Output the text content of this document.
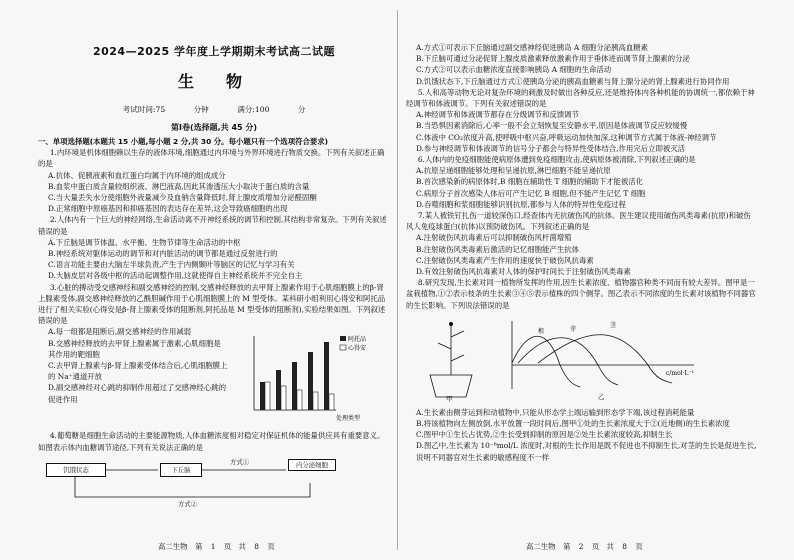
2024—2025 学年度上学期期末考试高二试题
生　物
考试时间:75 分钟	满分:100 分
第Ⅰ卷(选择题,共 45 分)

一、单项选择题(本题共 15 小题,每小题 2 分,共 30 分。每小题只有一个选项符合要求)

1.内环境是机体细胞赖以生存的液体环境,细胞通过内环境与外界环境进行物质交换。下列有关叙述正确的是

A.抗体、促胰液素和血红蛋白均属于内环境的组成成分

B.血浆中蛋白质含量较组织液、淋巴液高,因此其渗透压大小取决于蛋白质的含量

C.当大量丢失水分使细胞外液量减少及血钠含量降低时,肾上腺皮质增加分泌醛固酮

D.正常细胞中原癌基因和抑癌基因的表达存在差异,这会导致癌细胞的出现

2.人体内有一个巨大的神经网络,生命活动离不开神经系统的调节和控制,其结构非常复杂。下列有关叙述错误的是

A.下丘脑是调节体温、水平衡、生物节律等生命活动的中枢

B.神经系统对躯体运动的调节和对内脏活动的调节都是通过反射进行的

C.语言功能主要由大脑左半球负责,产生于内侧颞叶等脑区的记忆与学习有关

D.大脑皮层对各级中枢的活动起调整作用,这就使得自主神经系统并不完全自主

3.心脏的搏动受交感神经和副交感神经的控制,交感神经释放的去甲肾上腺素作用于心肌细胞膜上的β-肾上腺素受体,副交感神经释放的乙酰胆碱作用于心肌细胞膜上的 M 型受体。某科研小组利用心得安和阿托品进行了相关实验(心得安是β-肾上腺素受体的阻断剂,阿托品是 M 型受体的阻断剂),实验结果如图。下列叙述错误的是

A.每一组都是阻断后,副交感神经的作用减弱

B.交感神经释放的去甲肾上腺素属于激素,心肌细胞是其作用的靶细胞

C.去甲肾上腺素与β-肾上腺素受体结合后,心肌细胞膜上的 Na⁺通道开放

D.副交感神经对心跳的抑制作用超过了交感神经心跳的促进作用

阿托品
心得安
处理类型

4.葡萄糖是细胞生命活动的主要能源物质,人体血糖浓度相对稳定对保证机体的能量供应具有重要意义。如图表示体内血糖调节途径,下列有关说法正确的是

饥饿状态	下丘脑
内分泌细胞
方式①
方式②
高二生物　第 1 页　共 8 页

A.方式①可表示下丘脑通过副交感神经促进胰岛 A 细胞分泌胰高血糖素

B.下丘脑可通过分泌促肾上腺皮质激素释放激素作用于垂体进而调节肾上腺素的分泌

C.方式②可以表示血糖浓度直接影响胰岛 A 细胞的生命活动

D.饥饿状态下,下丘脑通过方式①使胰岛分泌的胰高血糖素与肾上腺分泌的肾上腺素进行协同作用

5.人和高等动物无论对复杂环境的刺激及时做出各种反应,还是维持体内各种机能的协调统一,都依赖于神经调节和体液调节。下列有关叙述错误的是

A.神经调节和体液调节都存在分级调节和反馈调节

B.当恐惧因素消除后,心率一般不会立刻恢复至安静水平,原因是体液调节反应较缓慢

C.体液中 CO₂浓度升高,使呼吸中枢兴奋,呼吸运动加快加深,这种调节方式属于体液-神经调节

D.参与神经调节和体液调节的信号分子都会与特异性受体结合,作用完后立即被灭活

6.人体内的免疫细胞能使病原体遭到免疫细胞攻击,使病原体被清除,下列叙述正确的是

A.抗原呈递细胞能够处理和呈递抗原,淋巴细胞不能呈递抗原

B.首次感染新的病原体时,B 细胞在辅助性 T 细胞的辅助下才能被活化

C.病原分子首次感染人体后可产生记忆 B 细胞,但不能产生记忆 T 细胞

D.吞噬细胞和浆细胞能够识别抗原,都参与人体的特异性免疫过程

7.某人被铁钉扎伤一道较深伤口,经查体内无抗破伤风的抗体。医生建议使用破伤风类毒素(抗原)和破伤风人免疫球蛋白(抗体)以预防破伤风。下列叙述正确的是

A.注射破伤风抗毒素后可以抑制破伤风杆菌增殖

B.注射破伤风类毒素后激活的记忆细胞能产生抗体

C.注射破伤风类毒素产生作用的速度快于破伤风抗毒素

D.有效注射破伤风抗毒素对人体的保护时间长于注射破伤风类毒素

8.研究发现,生长素对同一植物所发挥的作用,因生长素浓度、植物器官种类不同而有较大差异。图甲是一盆栽植物,①②表示枝条的生长素③④⑤表示植株的四个侧芽。图乙表示不同浓度的生长素对该植物不同器官的生长影响。下列说法错误的是

甲
根	芽
茎
c/mol·L⁻¹
乙

A.生长素由侧芽运到和动植物中,只能从形态学上端运输到形态学下端,该过程消耗能量

B.将该植物向左侧放倒,水平放置一段时间后,图甲①处的生长素浓度大于②(近地侧)的生长素浓度

C.图甲中①生长占优势,②生长受到抑制的原因是②处生长素浓度较高,抑制生长

D.图乙中,生长素为 10⁻⁸mol/L 浓度时,对根的生长作用是既不促进也不抑制生长,对茎的生长是促进生长,说明不同器官对生长素的敏感程度不一样

高二生物　第 2 页　共 8 页
